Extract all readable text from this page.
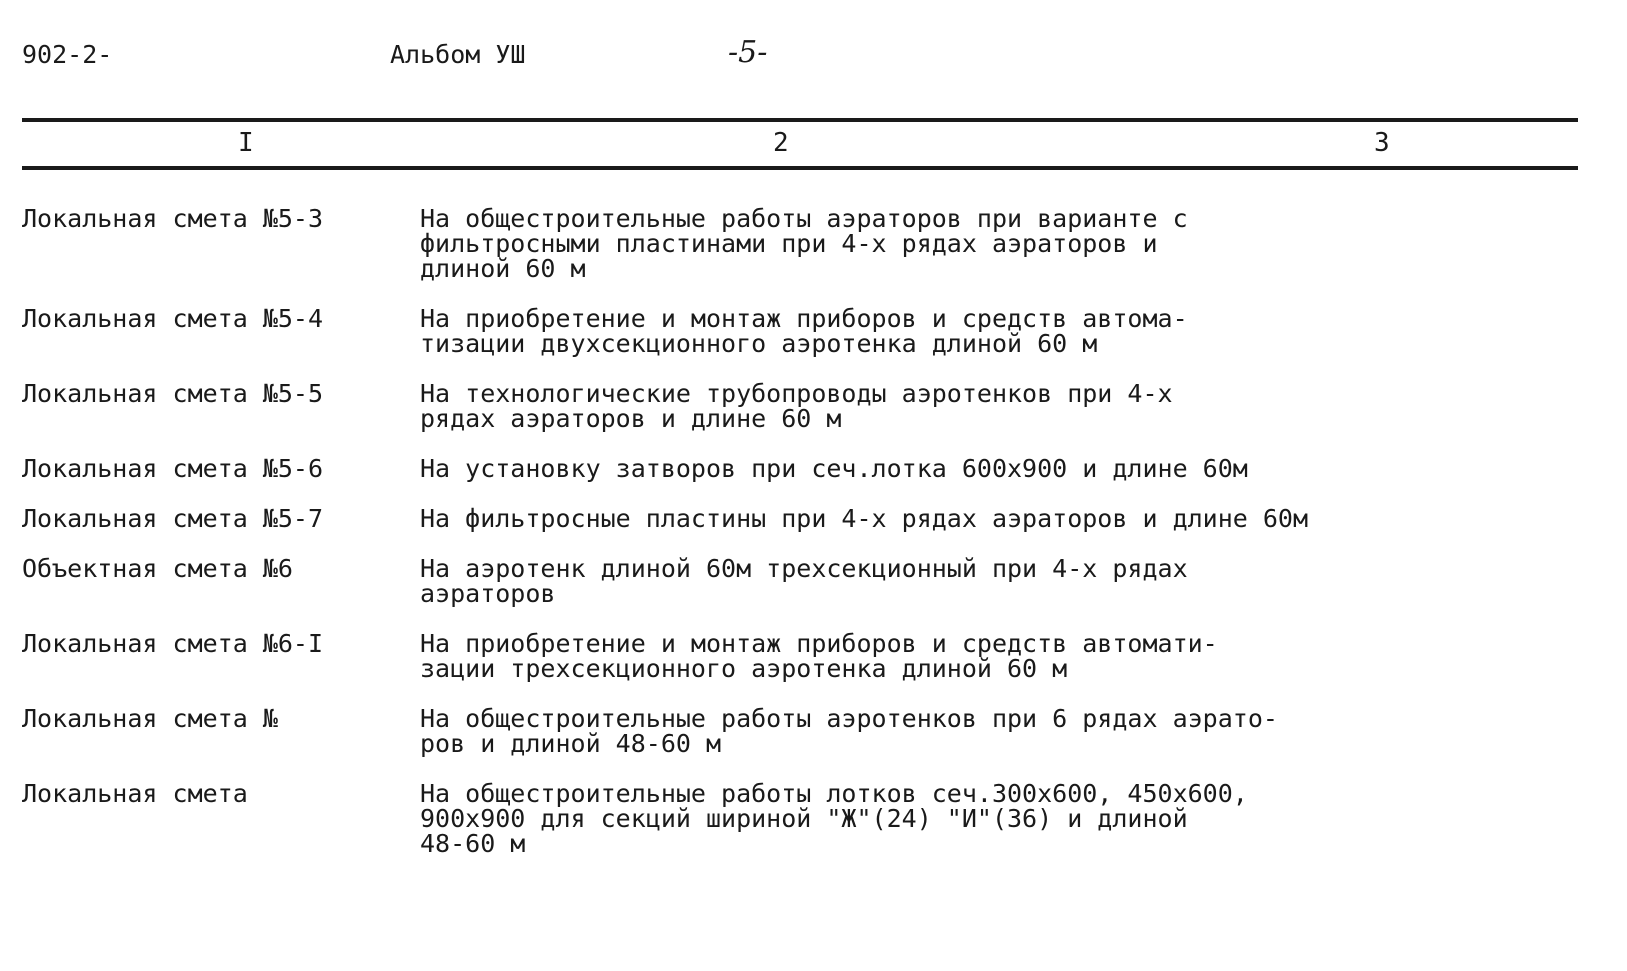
902-2-	Альбом УШ	-5-
I	2	3
Локальная смета №5-3	На общестроительные работы аэраторов при варианте с
фильтросными пластинами при 4-х рядах аэраторов и
длиной 60 м
Локальная смета №5-4	На приобретение и монтаж приборов и средств автома-
тизации двухсекционного аэротенка длиной 60 м
Локальная смета №5-5	На технологические трубопроводы аэротенков при 4-х
рядах аэраторов и длине 60 м
Локальная смета №5-6	На установку затворов при сеч.лотка 600х900 и длине 60м
Локальная смета №5-7	На фильтросные пластины при 4-х рядах аэраторов и длине 60м
Объектная смета №6	На аэротенк длиной 60м трехсекционный при 4-х рядах
аэраторов
Локальная смета №6-I	На приобретение и монтаж приборов и средств автомати-
зации трехсекционного аэротенка длиной 60 м
Локальная смета №	На общестроительные работы аэротенков при 6 рядах аэрато-
ров и длиной 48-60 м
Локальная смета	На общестроительные работы лотков сеч.300х600, 450х600,
900х900 для секций шириной "Ж"(24) "И"(36) и длиной
48-60 м
